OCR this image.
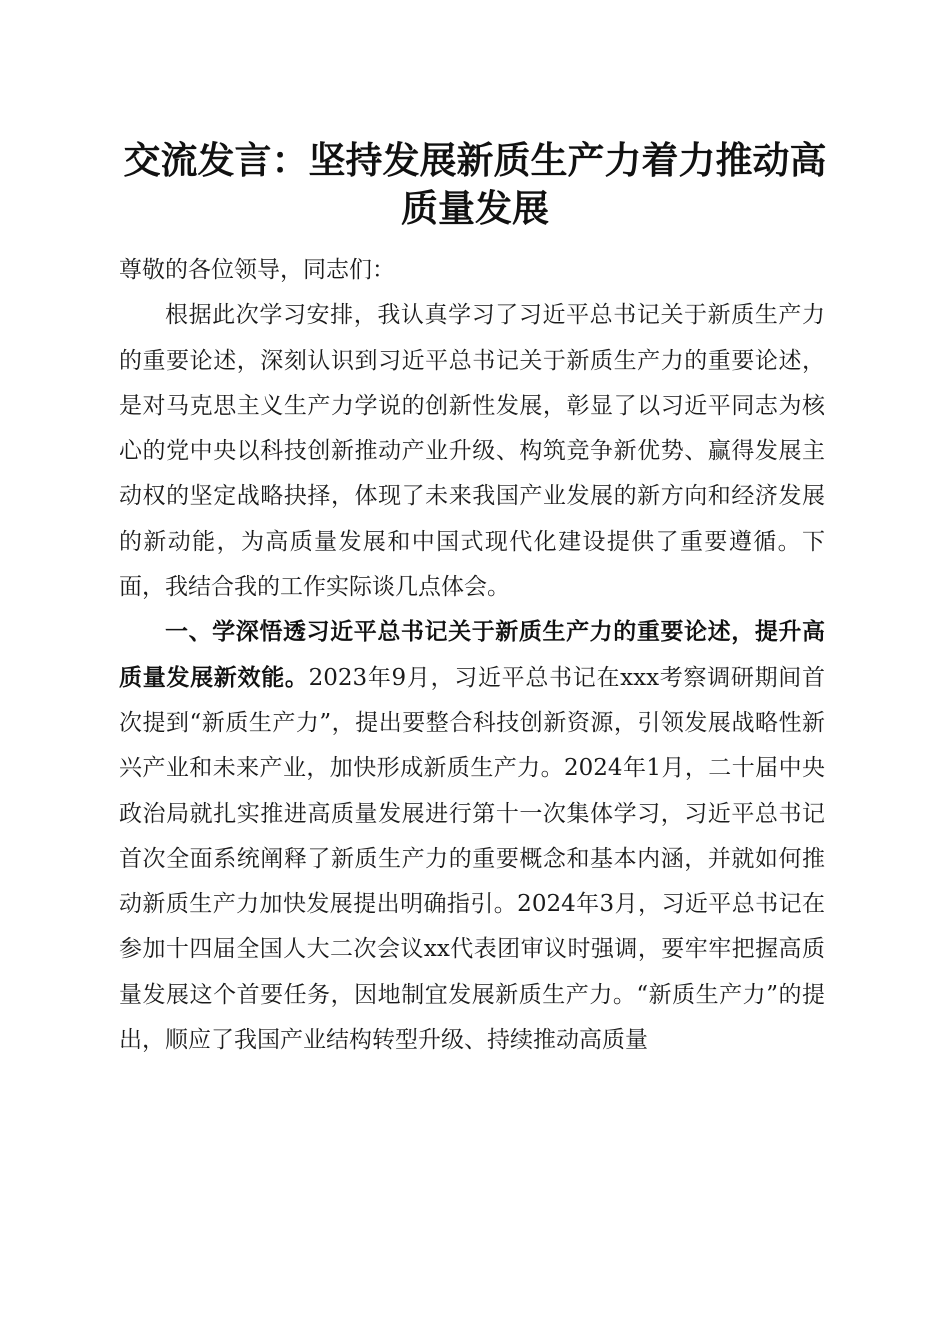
交流发言：坚持发展新质生产力着力推动高质量发展

尊敬的各位领导，同志们：

根据此次学习安排，我认真学习了习近平总书记关于新质生产力的重要论述，深刻认识到习近平总书记关于新质生产力的重要论述，是对马克思主义生产力学说的创新性发展，彰显了以习近平同志为核心的党中央以科技创新推动产业升级、构筑竞争新优势、赢得发展主动权的坚定战略抉择，体现了未来我国产业发展的新方向和经济发展的新动能，为高质量发展和中国式现代化建设提供了重要遵循。下面，我结合我的工作实际谈几点体会。

一、学深悟透习近平总书记关于新质生产力的重要论述，提升高质量发展新效能。2023年9月，习近平总书记在xxx考察调研期间首次提到“新质生产力”，提出要整合科技创新资源，引领发展战略性新兴产业和未来产业，加快形成新质生产力。2024年1月，二十届中央政治局就扎实推进高质量发展进行第十一次集体学习，习近平总书记首次全面系统阐释了新质生产力的重要概念和基本内涵，并就如何推动新质生产力加快发展提出明确指引。2024年3月，习近平总书记在参加十四届全国人大二次会议xx代表团审议时强调，要牢牢把握高质量发展这个首要任务，因地制宜发展新质生产力。“新质生产力”的提出，顺应了我国产业结构转型升级、持续推动高质量
